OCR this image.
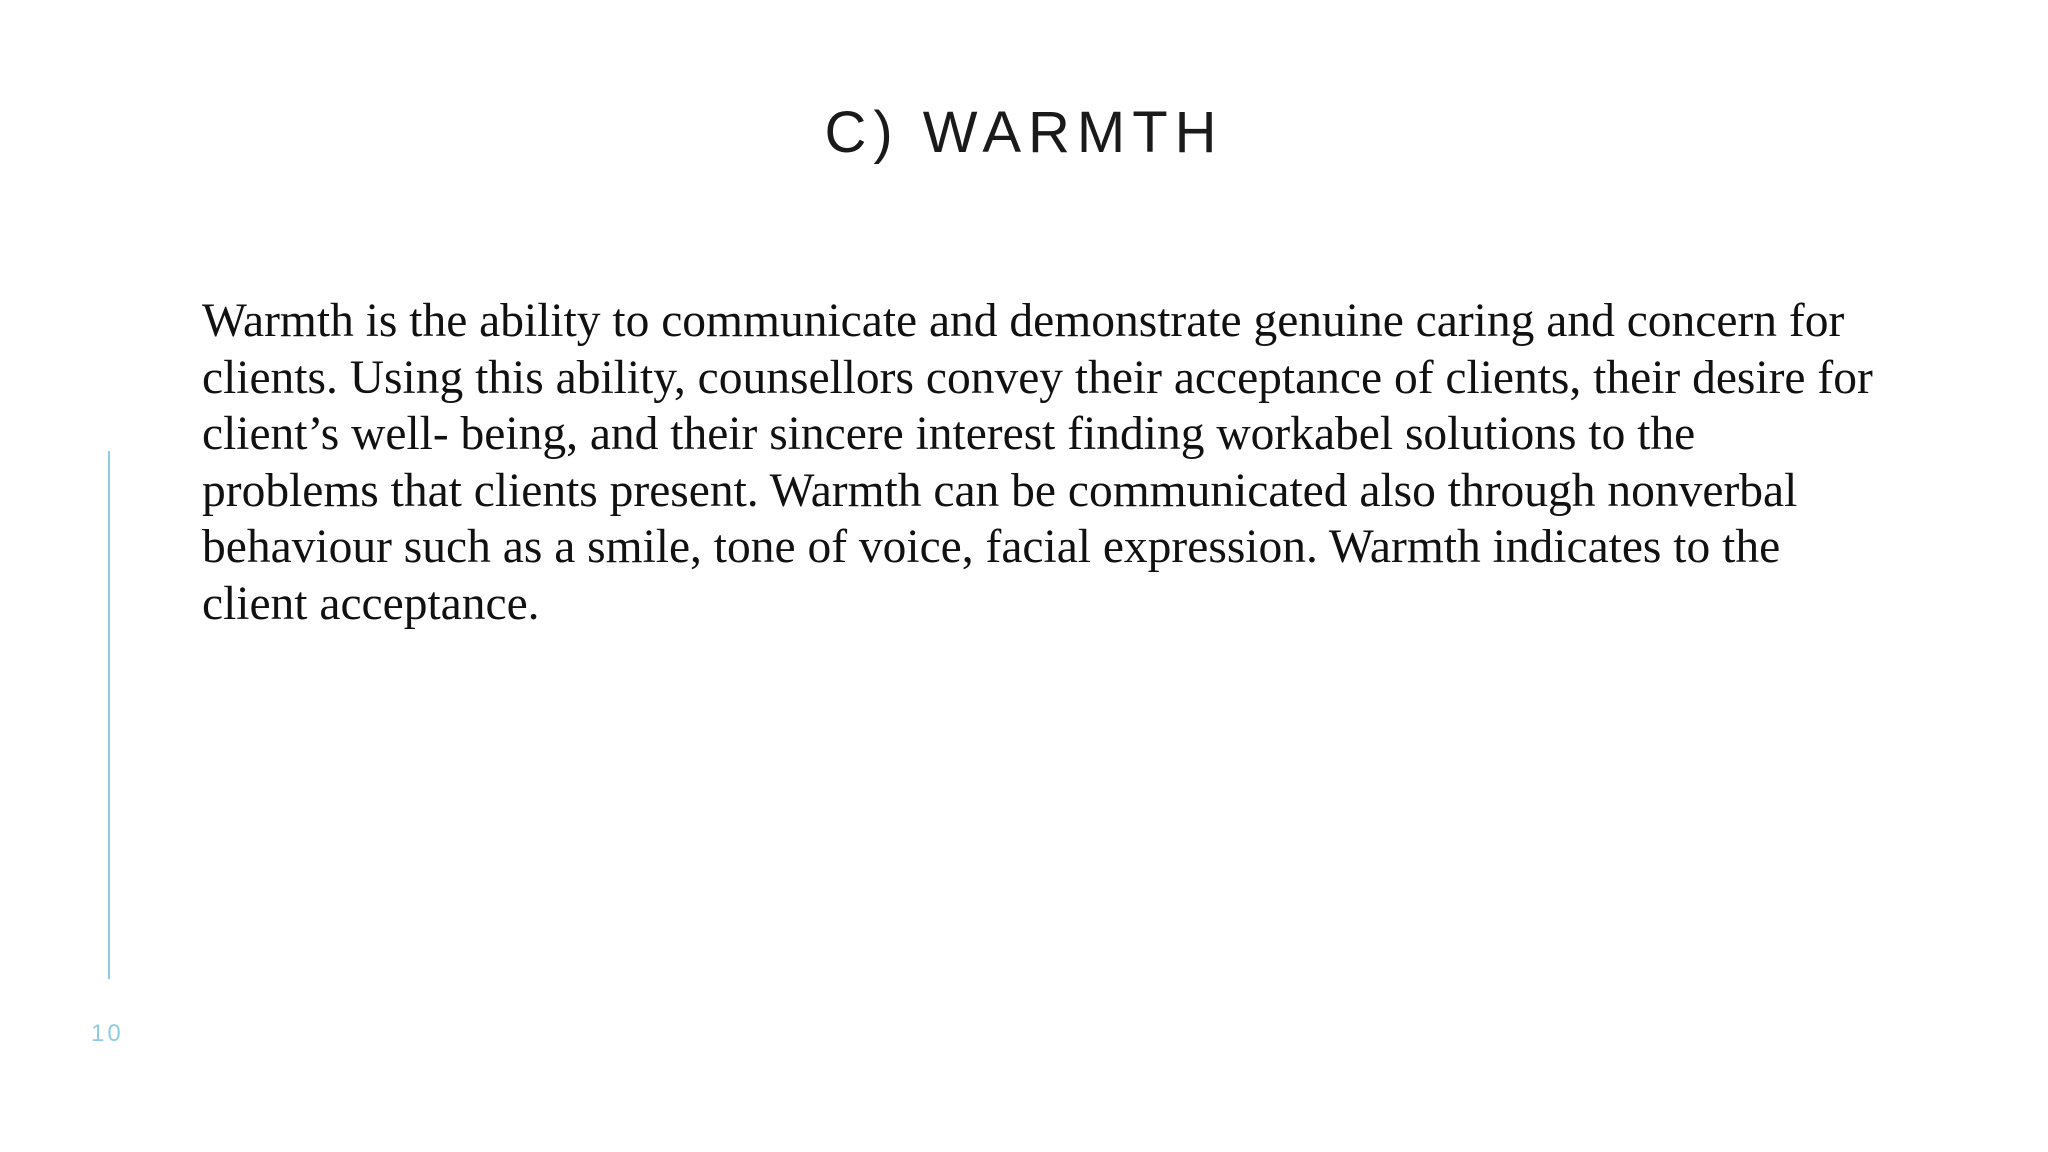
C) WARMTH

Warmth is the ability to communicate and demonstrate genuine caring and concern for clients. Using this ability, counsellors convey their acceptance of clients, their desire for client’s well- being, and their sincere interest finding workabel solutions to the problems that clients present. Warmth can be communicated also through nonverbal behaviour such as a smile, tone of voice, facial expression. Warmth indicates to the client acceptance.

10
